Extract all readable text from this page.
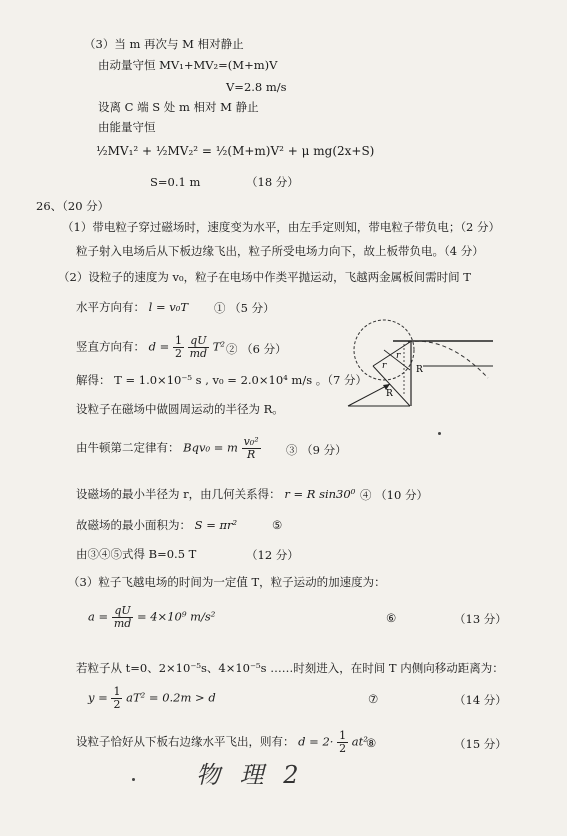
（3）当 m 再次与 M 相对静止
由动量守恒 MV₁+MV₂=(M+m)V
V=2.8 m/s
设离 C 端 S 处 m 相对 M 静止
由能量守恒
½MV₁² + ½MV₂² = ½(M+m)V² + μ mg(2x+S)
S=0.1 m	（18 分）
26、（20 分）
（1）带电粒子穿过磁场时，速度变为水平，由左手定则知，带电粒子带负电；（2 分）
粒子射入电场后从下板边缘飞出，粒子所受电场力向下，故上板带负电。（4 分）
（2）设粒子的速度为 v₀，粒子在电场中作类平抛运动，飞越两金属板间需时间 T
水平方向有： l = v₀T ① （5 分）
竖直方向有： $d = \frac{1}{2}$
$\frac{qU}{md} T^2$ ② （6 分）
解得： T = 1.0×10⁻⁵ s , v₀ = 2.0×10⁴ m/s 。（7 分）
设粒子在磁场中做圆周运动的半径为 R。
由牛顿第二定律有： Bqv₀ = m $\frac{\text{v₀²}}{R}$ ③ （9 分）
设磁场的最小半径为 r，由几何关系得： r = R sin30⁰ ④ （10 分）
故磁场的最小面积为： S = πr²	⑤
由③④⑤式得 B=0.5 T	（12 分）
（3）粒子飞越电场的时间为一定值 T，粒子运动的加速度为：
$a = \frac{qU}{md} = 4\times 10^9$ m/s²	⑥	（13 分）
若粒子从 t=0、2×10⁻⁵s、4×10⁻⁵s ……时刻进入，在时间 T 内侧向移动距离为：
$y = \frac{1}{2} aT^2 = 0.2m > d$	⑦	（14 分）
设粒子恰好从下板右边缘水平飞出，则有： $d = 2\cdot \frac{1}{2} at^2$
⑧	（15 分）
物 理 2
r
r
R
R
